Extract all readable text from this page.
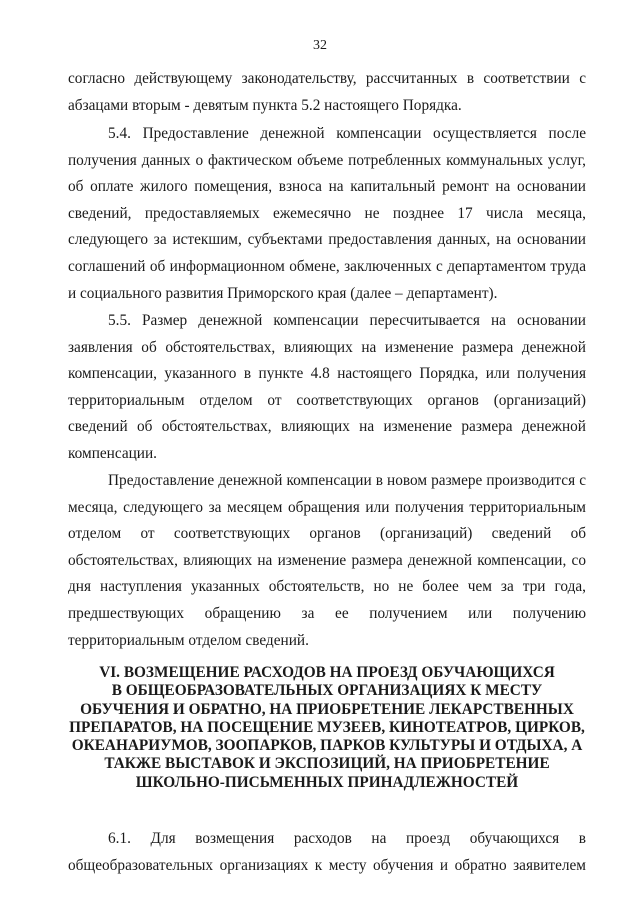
32
согласно действующему законодательству, рассчитанных в соответствии с
абзацами вторым - девятым пункта 5.2 настоящего Порядка.
5.4. Предоставление денежной компенсации осуществляется после
получения данных о фактическом объеме потребленных коммунальных услуг,
об оплате жилого помещения, взноса на капитальный ремонт на основании
сведений, предоставляемых ежемесячно не позднее 17 числа месяца,
следующего за истекшим, субъектами предоставления данных, на основании
соглашений об информационном обмене, заключенных с департаментом труда
и социального развития Приморского края (далее – департамент).
5.5. Размер денежной компенсации пересчитывается на основании
заявления об обстоятельствах, влияющих на изменение размера денежной
компенсации, указанного в пункте 4.8 настоящего Порядка, или получения
территориальным отделом от соответствующих органов (организаций)
сведений об обстоятельствах, влияющих на изменение размера денежной
компенсации.
Предоставление денежной компенсации в новом размере производится с
месяца, следующего за месяцем обращения или получения территориальным
отделом от соответствующих органов (организаций) сведений об
обстоятельствах, влияющих на изменение размера денежной компенсации, со
дня наступления указанных обстоятельств, но не более чем за три года,
предшествующих обращению за ее получением или получению
территориальным отделом сведений.
VI. ВОЗМЕЩЕНИЕ РАСХОДОВ НА ПРОЕЗД ОБУЧАЮЩИХСЯ
В ОБЩЕОБРАЗОВАТЕЛЬНЫХ ОРГАНИЗАЦИЯХ К МЕСТУ
ОБУЧЕНИЯ И ОБРАТНО, НА ПРИОБРЕТЕНИЕ ЛЕКАРСТВЕННЫХ
ПРЕПАРАТОВ, НА ПОСЕЩЕНИЕ МУЗЕЕВ, КИНОТЕАТРОВ, ЦИРКОВ,
ОКЕАНАРИУМОВ, ЗООПАРКОВ, ПАРКОВ КУЛЬТУРЫ И ОТДЫХА, А
ТАКЖЕ ВЫСТАВОК И ЭКСПОЗИЦИЙ, НА ПРИОБРЕТЕНИЕ
ШКОЛЬНО-ПИСЬМЕННЫХ ПРИНАДЛЕЖНОСТЕЙ
6.1. Для возмещения расходов на проезд обучающихся в
общеобразовательных организациях к месту обучения и обратно заявителем
